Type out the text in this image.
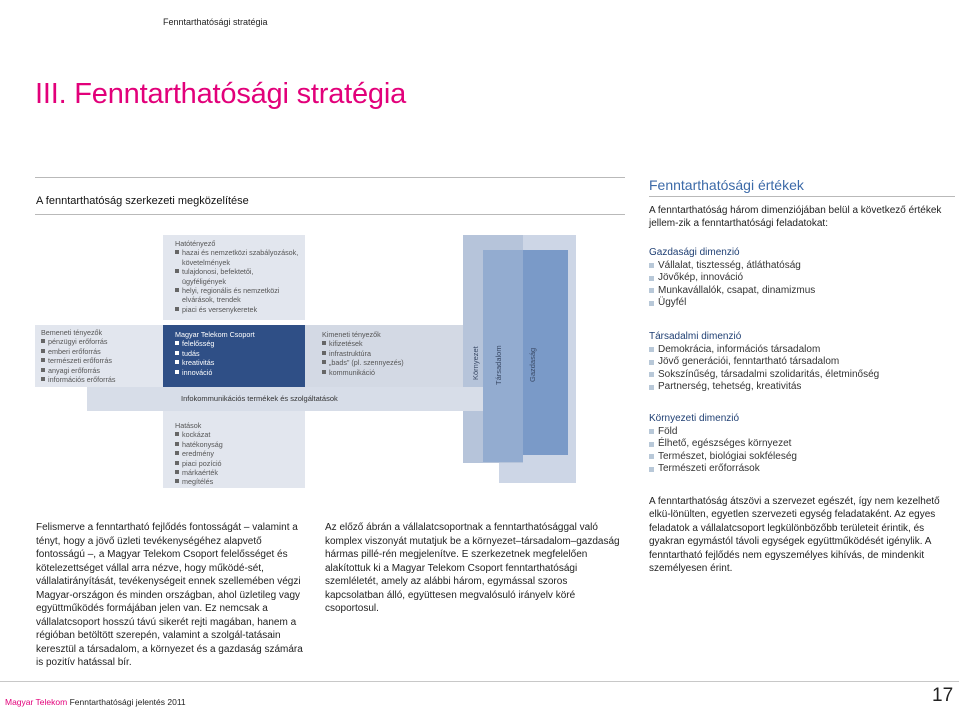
Fenntarthatósági stratégia
III. Fenntarthatósági stratégia
A fenntarthatóság szerkezeti megközelítése
Hatótényező
hazai és nemzetközi szabályozások,
követelmények
tulajdonosi, befektetői,
ügyféligények
helyi, regionális és nemzetközi
elvárások, trendek
piaci és versenykeretek
Bemeneti tényezők
pénzügyi erőforrás
emberi erőforrás
természeti erőforrás
anyagi erőforrás
információs erőforrás
Magyar Telekom Csoport
felelősség
tudás
kreativitás
innováció
Kimeneti tényezők
kifizetések
infrastruktúra
„bads” (pl. szennyezés)
kommunikáció
Infokommunikációs termékek és szolgáltatások
Hatások
kockázat
hatékonyság
eredmény
piaci pozíció
márkaérték
megítélés
Környezet Társadalom	Gazdaság
Fenntarthatósági értékek
A fenntarthatóság három dimenziójában belül a következő értékek jellem-zik a fenntarthatósági feladatokat:
Gazdasági dimenzió
Vállalat, tisztesség, átláthatóság
Jövőkép, innováció
Munkavállalók, csapat, dinamizmus
Ügyfél
Társadalmi dimenzió
Demokrácia, információs társadalom
Jövő generációi, fenntartható társadalom
Sokszínűség, társadalmi szolidaritás, életminőség
Partnerség, tehetség, kreativitás
Környezeti dimenzió
Föld
Élhető, egészséges környezet
Természet, biológiai sokféleség
Természeti erőforrások
A fenntarthatóság átszövi a szervezet egészét, így nem kezelhető elkü-lönülten, egyetlen szervezeti egység feladataként. Az egyes feladatok a vállalatcsoport legkülönbözőbb területeit érintik, és gyakran egymástól távoli egységek együttműködését igénylik. A fenntartható fejlődés nem egyszemélyes kihívás, de mindenkit személyesen érint.
Felismerve a fenntartható fejlődés fontosságát – valamint a tényt, hogy a jövő üzleti tevékenységéhez alapvető fontosságú –, a Magyar Telekom Csoport felelősséget és kötelezettséget vállal arra nézve, hogy működé-sét, vállalatirányítását, tevékenységeit ennek szellemében végzi Magyar-országon és minden országban, ahol üzletileg vagy együttműködés formájában jelen van. Ez nemcsak a vállalatcsoport hosszú távú sikerét rejti magában, hanem a régióban betöltött szerepén, valamint a szolgál-tatásain keresztül a társadalom, a környezet és a gazdaság számára is pozitív hatással bír.
Az előző ábrán a vállalatcsoportnak a fenntarthatósággal való komplex viszonyát mutatjuk be a környezet–társadalom–gazdaság hármas pillé-rén megjelenítve. E szerkezetnek megfelelően alakítottuk ki a Magyar Telekom Csoport fenntarthatósági szemléletét, amely az alábbi három, egymással szoros kapcsolatban álló, együttesen megvalósuló irányelv köré csoportosul.
Magyar Telekom Fenntarthatósági jelentés 2011	17
